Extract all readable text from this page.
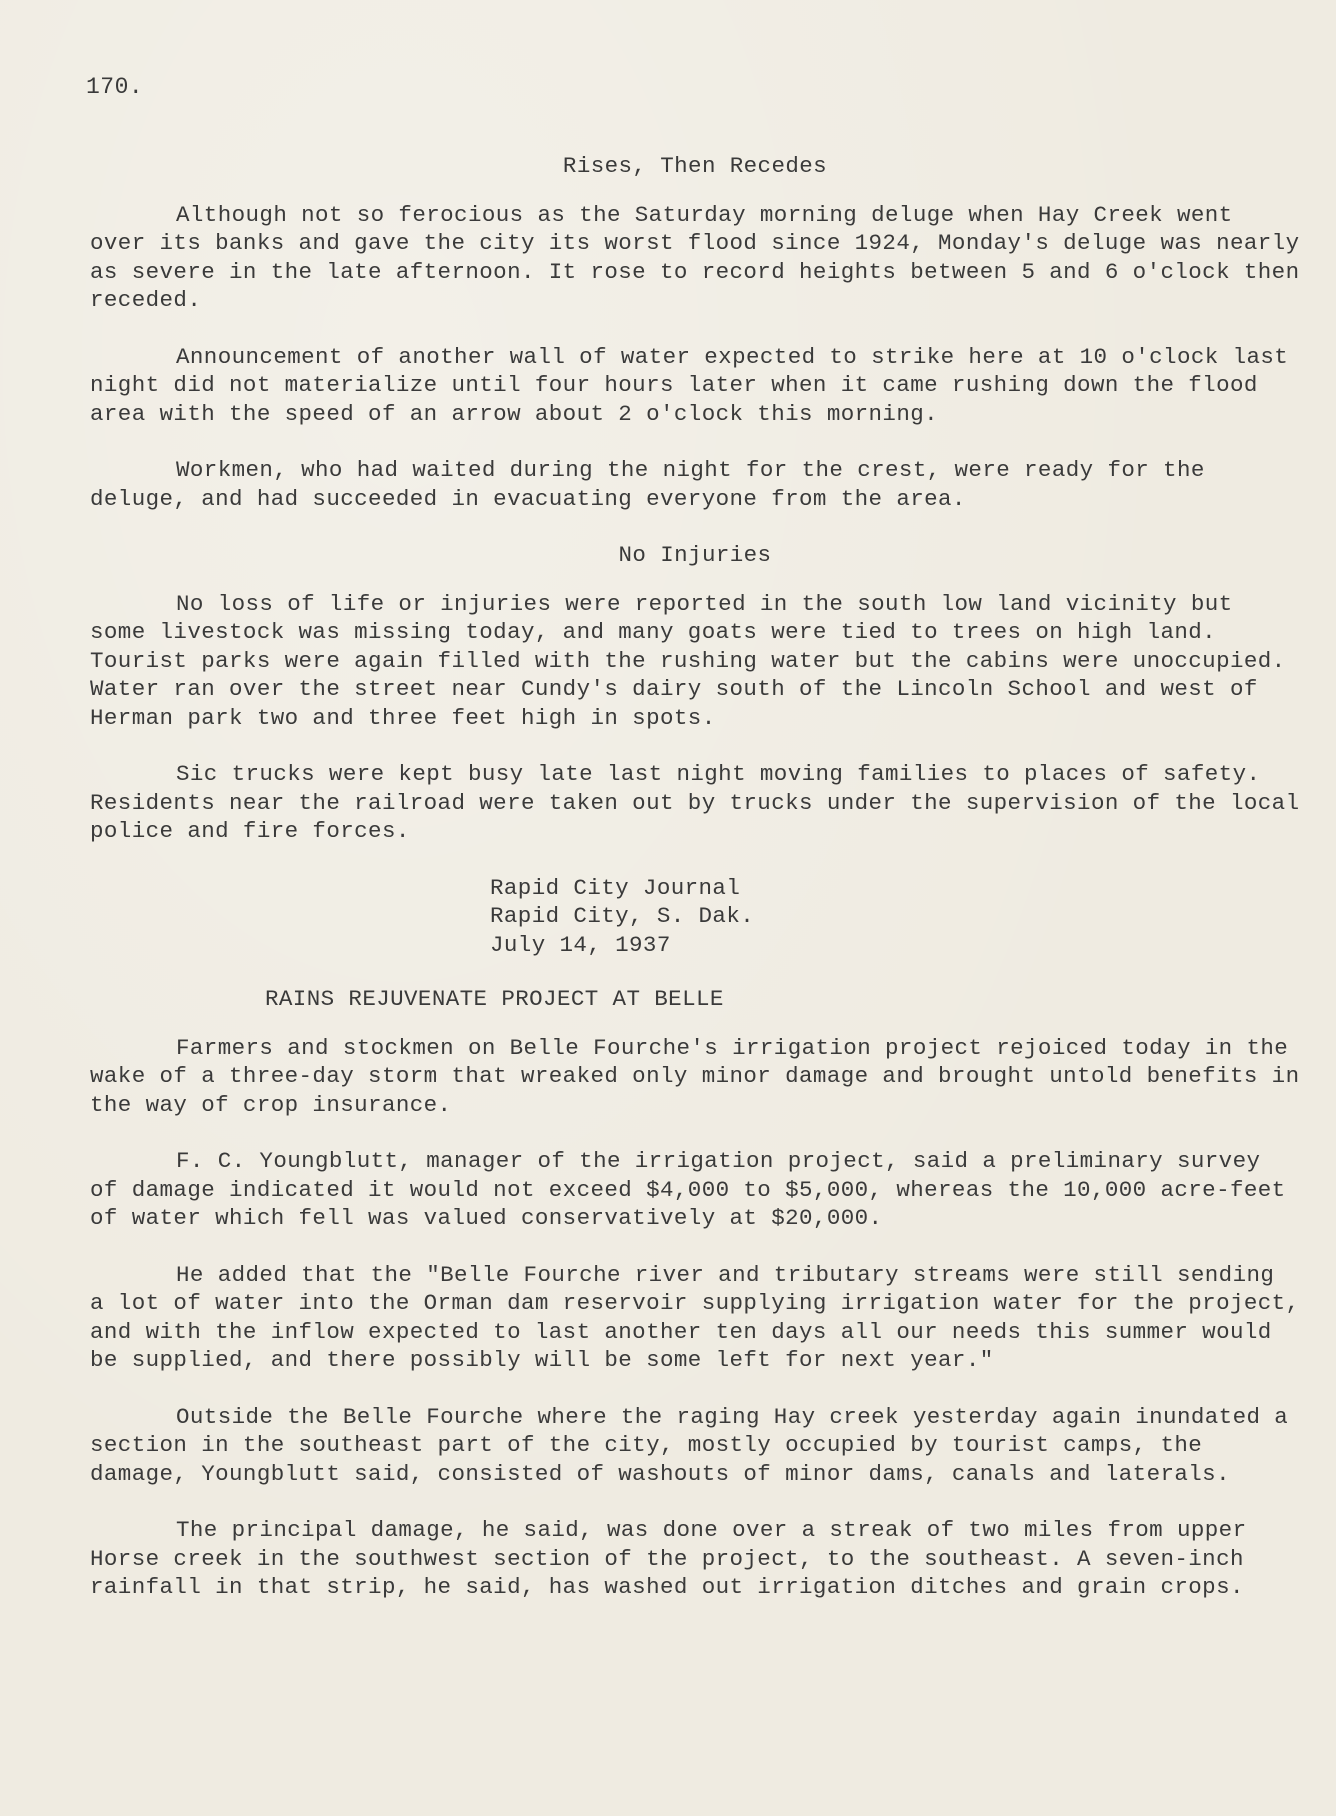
170.
Rises, Then Recedes

Although not so ferocious as the Saturday morning deluge when Hay Creek went over its banks and gave the city its worst flood since 1924, Monday's deluge was nearly as severe in the late afternoon. It rose to record heights between 5 and 6 o'clock then receded.

Announcement of another wall of water expected to strike here at 10 o'clock last night did not materialize until four hours later when it came rushing down the flood area with the speed of an arrow about 2 o'clock this morning.

Workmen, who had waited during the night for the crest, were ready for the deluge, and had succeeded in evacuating everyone from the area.

No Injuries

No loss of life or injuries were reported in the south low land vicinity but some livestock was missing today, and many goats were tied to trees on high land. Tourist parks were again filled with the rushing water but the cabins were unoccupied. Water ran over the street near Cundy's dairy south of the Lincoln School and west of Herman park two and three feet high in spots.

Sic trucks were kept busy late last night moving families to places of safety. Residents near the railroad were taken out by trucks under the supervision of the local police and fire forces.

Rapid City Journal
Rapid City, S. Dak.
July 14, 1937
RAINS REJUVENATE PROJECT AT BELLE

Farmers and stockmen on Belle Fourche's irrigation project rejoiced today in the wake of a three-day storm that wreaked only minor damage and brought untold benefits in the way of crop insurance.

F. C. Youngblutt, manager of the irrigation project, said a preliminary survey of damage indicated it would not exceed $4,000 to $5,000, whereas the 10,000 acre-feet of water which fell was valued conservatively at $20,000.

He added that the "Belle Fourche river and tributary streams were still sending a lot of water into the Orman dam reservoir supplying irrigation water for the project, and with the inflow expected to last another ten days all our needs this summer would be supplied, and there possibly will be some left for next year."

Outside the Belle Fourche where the raging Hay creek yesterday again inundated a section in the southeast part of the city, mostly occupied by tourist camps, the damage, Youngblutt said, consisted of washouts of minor dams, canals and laterals.

The principal damage, he said, was done over a streak of two miles from upper Horse creek in the southwest section of the project, to the southeast. A seven-inch rainfall in that strip, he said, has washed out irrigation ditches and grain crops.
